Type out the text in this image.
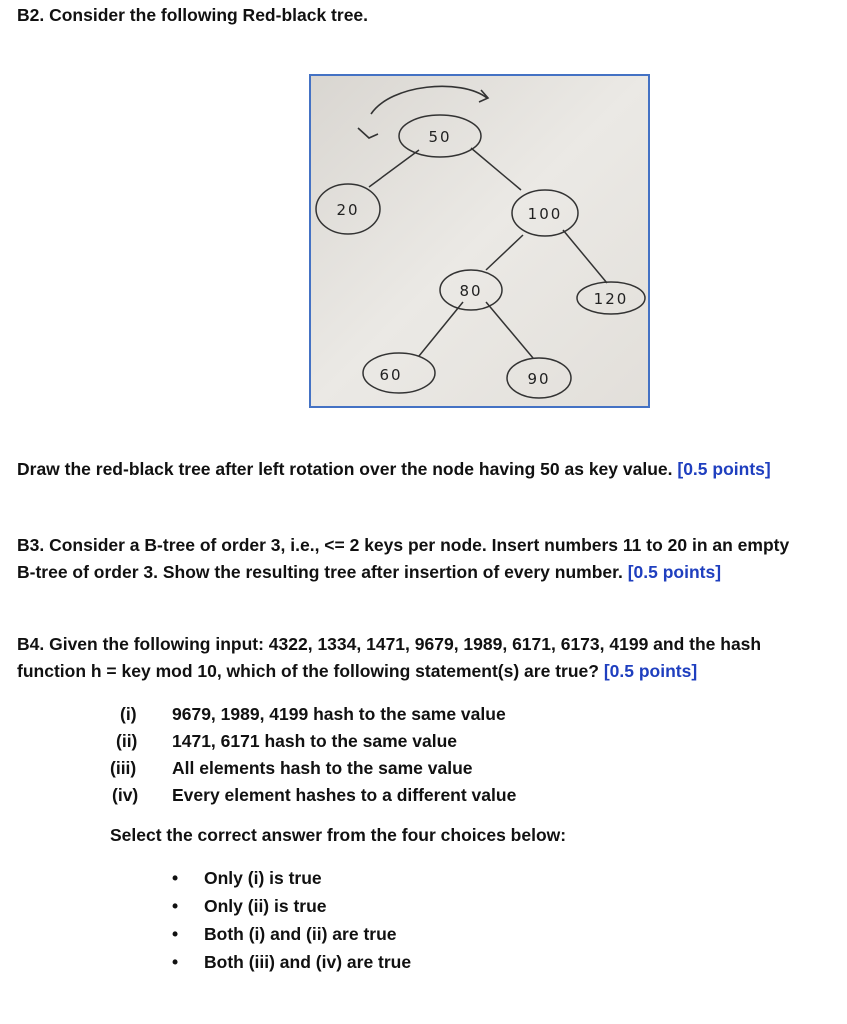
B2. Consider the following Red-black tree.
50
20	100
80	120
60	90
Draw the red-black tree after left rotation over the node having 50 as key value. [0.5 points]
B3. Consider a B-tree of order 3, i.e., <= 2 keys per node. Insert numbers 11 to 20 in an empty
B-tree of order 3. Show the resulting tree after insertion of every number. [0.5 points]
B4. Given the following input: 4322, 1334, 1471, 9679, 1989, 6171, 6173, 4199 and the hash
function h = key mod 10, which of the following statement(s) are true? [0.5 points]
(i) 9679, 1989, 4199 hash to the same value
(ii) 1471, 6171 hash to the same value
(iii) All elements hash to the same value
(iv) Every element hashes to a different value
Select the correct answer from the four choices below:
• Only (i) is true
• Only (ii) is true
• Both (i) and (ii) are true
• Both (iii) and (iv) are true
